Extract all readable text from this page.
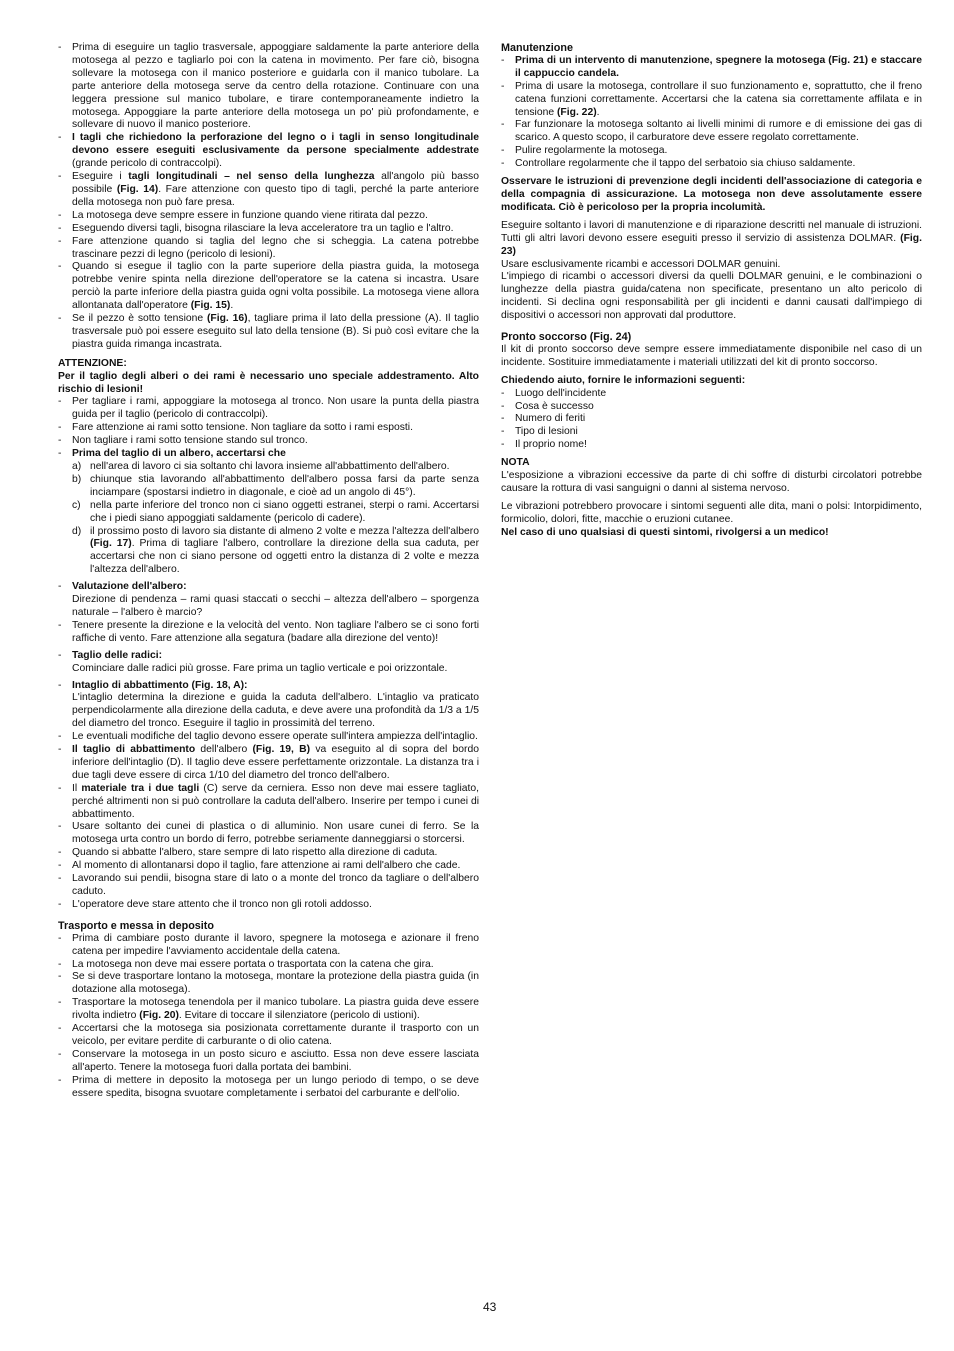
- Prima di eseguire un taglio trasversale, appoggiare saldamente la parte anteriore della motosega al pezzo e tagliarlo poi con la catena in movimento. Per fare ciò, bisogna sollevare la motosega con il manico posteriore e guidarla con il manico tubolare. La parte anteriore della motosega serve da centro della rotazione. Continuare con una leggera pressione sul manico tubolare, e tirare contemporaneamente indietro la motosega. Appoggiare la parte anteriore della motosega un po' più profondamente, e sollevare di nuovo il manico posteriore.
- I tagli che richiedono la perforazione del legno o i tagli in senso longitudinale devono essere eseguiti esclusivamente da persone specialmente addestrate (grande pericolo di contraccolpi).
- Eseguire i tagli longitudinali – nel senso della lunghezza all'angolo più basso possibile (Fig. 14). Fare attenzione con questo tipo di tagli, perché la parte anteriore della motosega non può fare presa.
- La motosega deve sempre essere in funzione quando viene ritirata dal pezzo.
- Eseguendo diversi tagli, bisogna rilasciare la leva acceleratore tra un taglio e l'altro.
- Fare attenzione quando si taglia del legno che si scheggia. La catena potrebbe trascinare pezzi di legno (pericolo di lesioni).
- Quando si esegue il taglio con la parte superiore della piastra guida, la motosega potrebbe venire spinta nella direzione dell'operatore se la catena si incastra. Usare perciò la parte inferiore della piastra guida ogni volta possibile. La motosega viene allora allontanata dall'operatore (Fig. 15).
- Se il pezzo è sotto tensione (Fig. 16), tagliare prima il lato della pressione (A). Il taglio trasversale può poi essere eseguito sul lato della tensione (B). Si può così evitare che la piastra guida rimanga incastrata.
ATTENZIONE:
Per il taglio degli alberi o dei rami è necessario uno speciale addestramento. Alto rischio di lesioni!
- Per tagliare i rami, appoggiare la motosega al tronco. Non usare la punta della piastra guida per il taglio (pericolo di contraccolpi).
- Fare attenzione ai rami sotto tensione. Non tagliare da sotto i rami esposti.
- Non tagliare i rami sotto tensione stando sul tronco.
- Prima del taglio di un albero, accertarsi che
a) nell'area di lavoro ci sia soltanto chi lavora insieme all'abbattimento dell'albero.
b) chiunque stia lavorando all'abbattimento dell'albero possa farsi da parte senza inciampare (spostarsi indietro in diagonale, e cioè ad un angolo di 45°).
c) nella parte inferiore del tronco non ci siano oggetti estranei, sterpi o rami. Accertarsi che i piedi siano appoggiati saldamente (pericolo di cadere).
d) il prossimo posto di lavoro sia distante di almeno 2 volte e mezza l'altezza dell'albero (Fig. 17). Prima di tagliare l'albero, controllare la direzione della sua caduta, per accertarsi che non ci siano persone od oggetti entro la distanza di 2 volte e mezza l'altezza dell'albero.
- Valutazione dell'albero:
Direzione di pendenza – rami quasi staccati o secchi – altezza dell'albero – sporgenza naturale – l'albero è marcio?
- Tenere presente la direzione e la velocità del vento. Non tagliare l'albero se ci sono forti raffiche di vento. Fare attenzione alla segatura (badare alla direzione del vento)!
- Taglio delle radici:
Cominciare dalle radici più grosse. Fare prima un taglio verticale e poi orizzontale.
- Intaglio di abbattimento (Fig. 18, A):
L'intaglio determina la direzione e guida la caduta dell'albero. L'intaglio va praticato perpendicolarmente alla direzione della caduta, e deve avere una profondità da 1/3 a 1/5 del diametro del tronco. Eseguire il taglio in prossimità del terreno.
- Le eventuali modifiche del taglio devono essere operate sull'intera ampiezza dell'intaglio.
- Il taglio di abbattimento dell'albero (Fig. 19, B) va eseguito al di sopra del bordo inferiore dell'intaglio (D). Il taglio deve essere perfettamente orizzontale. La distanza tra i due tagli deve essere di circa 1/10 del diametro del tronco dell'albero.
- Il materiale tra i due tagli (C) serve da cerniera. Esso non deve mai essere tagliato, perché altrimenti non si può controllare la caduta dell'albero. Inserire per tempo i cunei di abbattimento.
- Usare soltanto dei cunei di plastica o di alluminio. Non usare cunei di ferro. Se la motosega urta contro un bordo di ferro, potrebbe seriamente danneggiarsi o storcersi.
- Quando si abbatte l'albero, stare sempre di lato rispetto alla direzione di caduta.
- Al momento di allontanarsi dopo il taglio, fare attenzione ai rami dell'albero che cade.
- Lavorando sui pendii, bisogna stare di lato o a monte del tronco da tagliare o dell'albero caduto.
- L'operatore deve stare attento che il tronco non gli rotoli addosso.
Trasporto e messa in deposito
- Prima di cambiare posto durante il lavoro, spegnere la motosega e azionare il freno catena per impedire l'avviamento accidentale della catena.
- La motosega non deve mai essere portata o trasportata con la catena che gira.
- Se si deve trasportare lontano la motosega, montare la protezione della piastra guida (in dotazione alla motosega).
- Trasportare la motosega tenendola per il manico tubolare. La piastra guida deve essere rivolta indietro (Fig. 20). Evitare di toccare il silenziatore (pericolo di ustioni).
- Accertarsi che la motosega sia posizionata correttamente durante il trasporto con un veicolo, per evitare perdite di carburante o di olio catena.
- Conservare la motosega in un posto sicuro e asciutto. Essa non deve essere lasciata all'aperto. Tenere la motosega fuori dalla portata dei bambini.
- Prima di mettere in deposito la motosega per un lungo periodo di tempo, o se deve essere spedita, bisogna svuotare completamente i serbatoi del carburante e dell'olio.
Manutenzione
- Prima di un intervento di manutenzione, spegnere la motosega (Fig. 21) e staccare il cappuccio candela.
- Prima di usare la motosega, controllare il suo funzionamento e, soprattutto, che il freno catena funzioni correttamente. Accertarsi che la catena sia correttamente affilata e in tensione (Fig. 22).
- Far funzionare la motosega soltanto ai livelli minimi di rumore e di emissione dei gas di scarico. A questo scopo, il carburatore deve essere regolato correttamente.
- Pulire regolarmente la motosega.
- Controllare regolarmente che il tappo del serbatoio sia chiuso saldamente.
Osservare le istruzioni di prevenzione degli incidenti dell'associazione di categoria e della compagnia di assicurazione. La motosega non deve assolutamente essere modificata. Ciò è pericoloso per la propria incolumità.
Eseguire soltanto i lavori di manutenzione e di riparazione descritti nel manuale di istruzioni. Tutti gli altri lavori devono essere eseguiti presso il servizio di assistenza DOLMAR. (Fig. 23)
Usare esclusivamente ricambi e accessori DOLMAR genuini.
L'impiego di ricambi o accessori diversi da quelli DOLMAR genuini, e le combinazioni o lunghezze della piastra guida/catena non specificate, presentano un alto pericolo di incidenti. Si declina ogni responsabilità per gli incidenti e danni causati dall'impiego di dispositivi o accessori non approvati dal produttore.
Pronto soccorso (Fig. 24)
Il kit di pronto soccorso deve sempre essere immediatamente disponibile nel caso di un incidente. Sostituire immediatamente i materiali utilizzati del kit di pronto soccorso.
Chiedendo aiuto, fornire le informazioni seguenti:
- Luogo dell'incidente
- Cosa è successo
- Numero di feriti
- Tipo di lesioni
- Il proprio nome!
NOTA
L'esposizione a vibrazioni eccessive da parte di chi soffre di disturbi circolatori potrebbe causare la rottura di vasi sanguigni o danni al sistema nervoso.
Le vibrazioni potrebbero provocare i sintomi seguenti alle dita, mani o polsi: Intorpidimento, formicolio, dolori, fitte, macchie o eruzioni cutanee.
Nel caso di uno qualsiasi di questi sintomi, rivolgersi a un medico!
43
